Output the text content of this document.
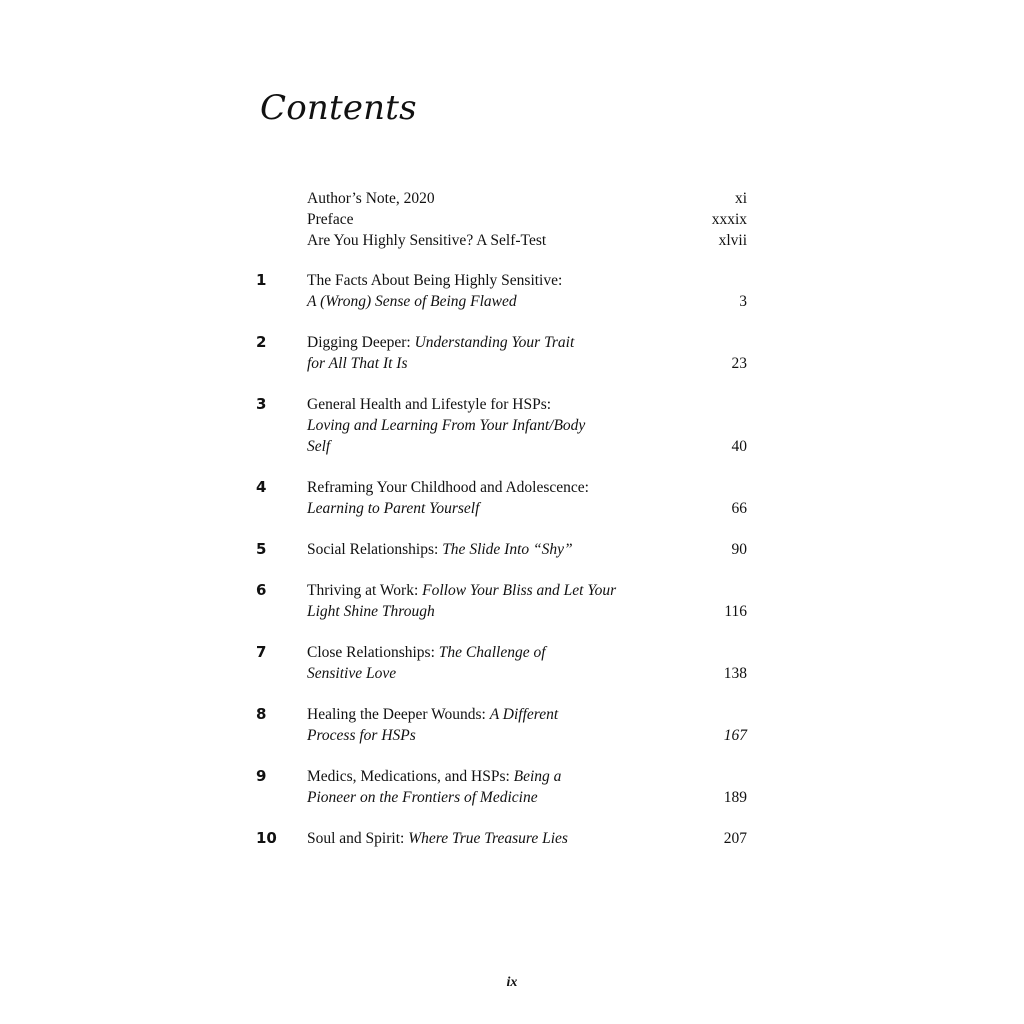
Contents
Author’s Note, 2020	xi
Preface	xxxix
Are You Highly Sensitive? A Self-Test	xlvii
1	The Facts About Being Highly Sensitive:
A (Wrong) Sense of Being Flawed	3
2	Digging Deeper: Understanding Your Trait
for All That It Is	23
3	General Health and Lifestyle for HSPs:
Loving and Learning From Your Infant/Body
Self	40
4	Reframing Your Childhood and Adolescence:
Learning to Parent Yourself	66
5	Social Relationships: The Slide Into “Shy”	90
6	Thriving at Work: Follow Your Bliss and Let Your
Light Shine Through	116
7	Close Relationships: The Challenge of
Sensitive Love	138
8	Healing the Deeper Wounds: A Different
Process for HSPs	167
9	Medics, Medications, and HSPs: Being a
Pioneer on the Frontiers of Medicine	189
10 Soul and Spirit: Where True Treasure Lies	207
ix
